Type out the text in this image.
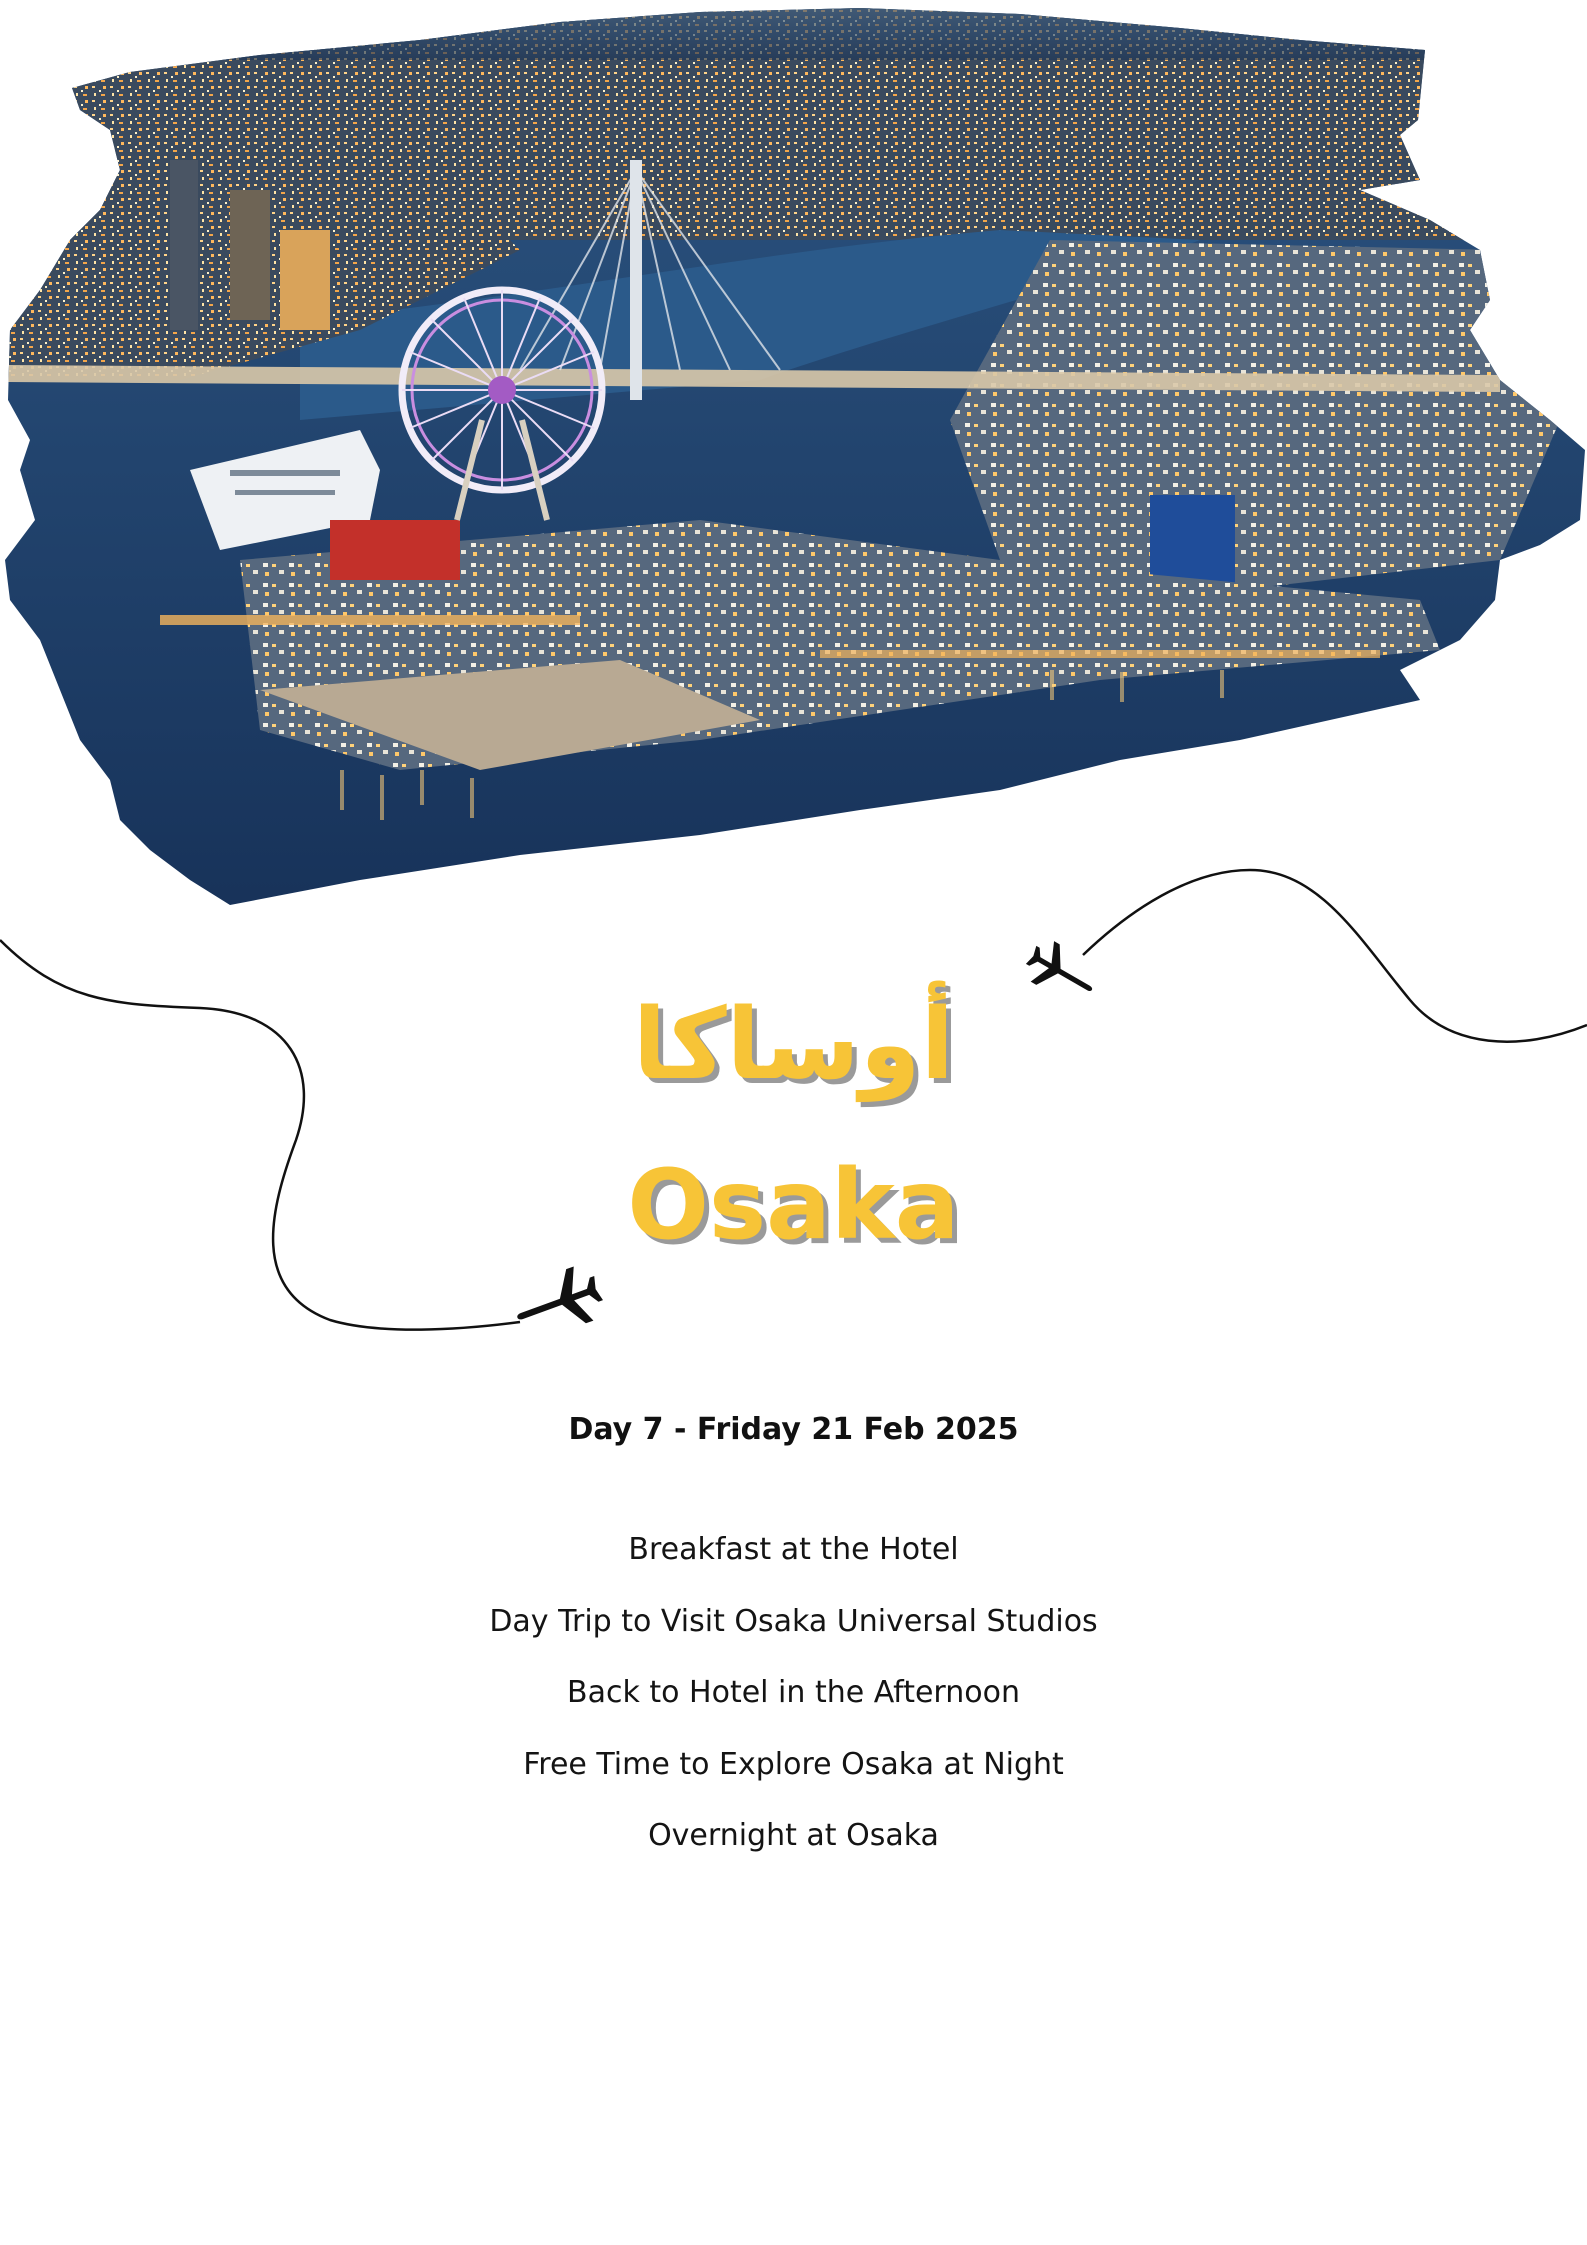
أوساكا
Osaka
Day 7 - Friday 21 Feb 2025
Breakfast at the Hotel
Day Trip to Visit Osaka Universal Studios
Back to Hotel in the Afternoon
Free Time to Explore Osaka at Night
Overnight at Osaka
